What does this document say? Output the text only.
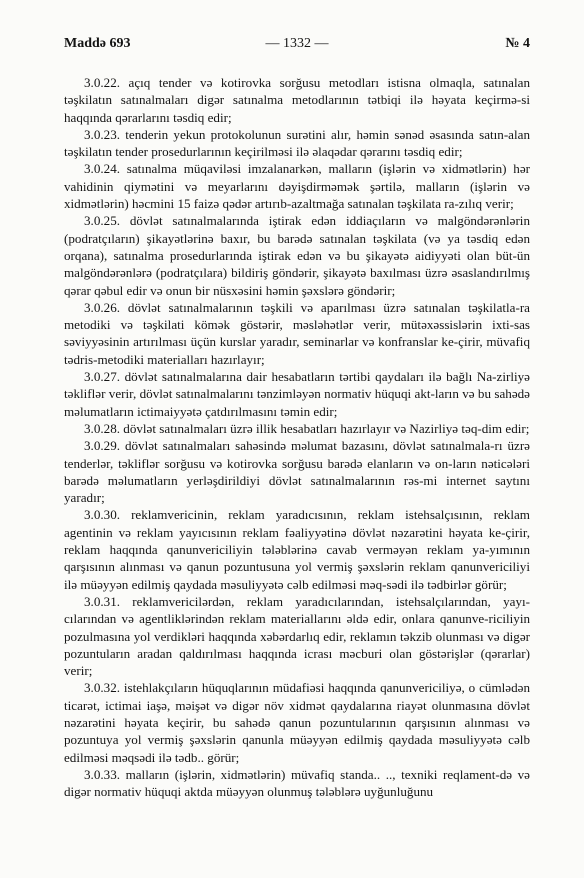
Maddə 693	— 1332 —	№ 4

3.0.22. açıq tender və kotirovka sorğusu metodları istisna olmaqla, satınalan təşkilatın satınalmaları digər satınalma metodlarının tətbiqi ilə həyata keçirmə-si haqqında qərarlarını təsdiq edir;

3.0.23. tenderin yekun protokolunun surətini alır, həmin sənəd əsasında satın-alan təşkilatın tender prosedurlarının keçirilməsi ilə əlaqədar qərarını təsdiq edir;

3.0.24. satınalma müqaviləsi imzalanarkən, malların (işlərin və xidmətlərin) hər vahidinin qiymətini və meyarlarını dəyişdirməmək şərtilə, malların (işlərin və xidmətlərin) həcmini 15 faizə qədər artırıb-azaltmağa satınalan təşkilata ra-zılıq verir;

3.0.25. dövlət satınalmalarında iştirak edən iddiaçıların və malgöndərənlərin (podratçıların) şikayətlərinə baxır, bu barədə satınalan təşkilata (və ya təsdiq edən orqana), satınalma prosedurlarında iştirak edən və bu şikayətə aidiyyəti olan büt-ün malgöndərənlərə (podratçılara) bildiriş göndərir, şikayətə baxılması üzrə əsaslandırılmış qərar qəbul edir və onun bir nüsxəsini həmin şəxslərə göndərir;

3.0.26. dövlət satınalmalarının təşkili və aparılması üzrə satınalan təşkilatla-ra metodiki və təşkilati kömək göstərir, məsləhətlər verir, mütəxəssislərin ixti-sas səviyyəsinin artırılması üçün kurslar yaradır, seminarlar və konfranslar ke-çirir, müvafiq tədris-metodiki materialları hazırlayır;

3.0.27. dövlət satınalmalarına dair hesabatların tərtibi qaydaları ilə bağlı Na-zirliyə təkliflər verir, dövlət satınalmalarını tənzimləyən normativ hüquqi akt-ların və bu sahədə məlumatların ictimaiyyətə çatdırılmasını təmin edir;

3.0.28. dövlət satınalmaları üzrə illik hesabatları hazırlayır və Nazirliyə təq-dim edir;

3.0.29. dövlət satınalmaları sahəsində məlumat bazasını, dövlət satınalmala-rı üzrə tenderlər, təkliflər sorğusu və kotirovka sorğusu barədə elanların və on-ların nəticələri barədə məlumatların yerləşdirildiyi dövlət satınalmalarının rəs-mi internet saytını yaradır;

3.0.30. reklamvericinin, reklam yaradıcısının, reklam istehsalçısının, reklam agentinin və reklam yayıcısının reklam fəaliyyətinə dövlət nəzarətini həyata ke-çirir, reklam haqqında qanunvericiliyin tələblərinə cavab verməyən reklam ya-yımının qarşısının alınması və qanun pozuntusuna yol vermiş şəxslərin reklam qanunvericiliyi ilə müəyyən edilmiş qaydada məsuliyyətə cəlb edilməsi məq-sədi ilə tədbirlər görür;

3.0.31. reklamvericilərdən, reklam yaradıcılarından, istehsalçılarından, yayı-cılarından və agentliklərindən reklam materiallarını əldə edir, onlara qanunve-riciliyin pozulmasına yol verdikləri haqqında xəbərdarlıq edir, reklamın təkzib olunması və digər pozuntuların aradan qaldırılması haqqında icrası məcburi olan göstərişlər (qərarlar) verir;

3.0.32. istehlakçıların hüquqlarının müdafiəsi haqqında qanunvericiliyə, o cümlədən ticarət, ictimai iaşə, məişət və digər növ xidmət qaydalarına riayət olunmasına dövlət nəzarətini həyata keçirir, bu sahədə qanun pozuntularının qarşısının alınması və pozuntuya yol vermiş şəxslərin qanunla müəyyən edilmiş qaydada məsuliyyətə cəlb edilməsi məqsədi ilə tədb.. görür;

3.0.33. malların (işlərin, xidmətlərin) müvafiq standa.. .., texniki reqlament-də və digər normativ hüquqi aktda müəyyən olunmuş tələblərə uyğunluğunu
